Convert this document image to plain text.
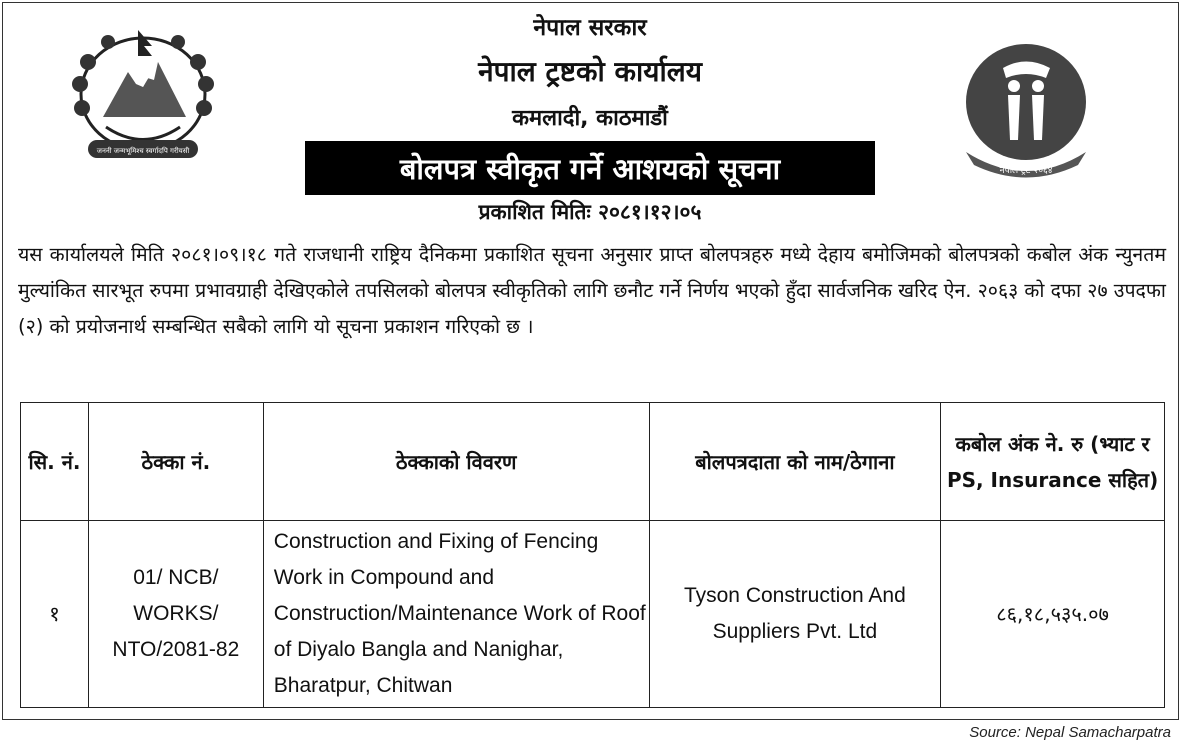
जननी जन्मभूमिश्च स्वर्गादपि गरीयसी
नेपाल ट्रष्ट २०६४
नेपाल सरकार
नेपाल ट्रष्टको कार्यालय
कमलादी, काठमाडौं
बोलपत्र स्वीकृत गर्ने आशयको सूचना
प्रकाशित मितिः २०८१।१२।०५

यस कार्यालयले मिति २०८१।०९।१८ गते राजधानी राष्ट्रिय दैनिकमा प्रकाशित सूचना अनुसार प्राप्त बोलपत्रहरु मध्ये देहाय बमोजिमको बोलपत्रको कबोल अंक न्युनतम मुल्यांकित सारभूत रुपमा प्रभावग्राही देखिएकोले तपसिलको बोलपत्र स्वीकृतिको लागि छनौट गर्ने निर्णय भएको हुँदा सार्वजनिक खरिद ऐन. २०६३ को दफा २७ उपदफा (२) को प्रयोजनार्थ सम्बन्धित सबैको लागि यो सूचना प्रकाशन गरिएको छ ।

सि. नं.	ठेक्का नं.	ठेक्काको विवरण	बोलपत्रदाता को नाम/ठेगाना	कबोल अंक ने. रु (भ्याट र PS, Insurance सहित)
१	01/ NCB/ WORKS/ NTO/2081-82	Construction and Fixing of Fencing Work in Compound and Construction/Maintenance Work of Roof of Diyalo Bangla and Nanighar, Bharatpur, Chitwan	Tyson Construction And Suppliers Pvt. Ltd	८६,१८,५३५.०७
Source: Nepal Samacharpatra
